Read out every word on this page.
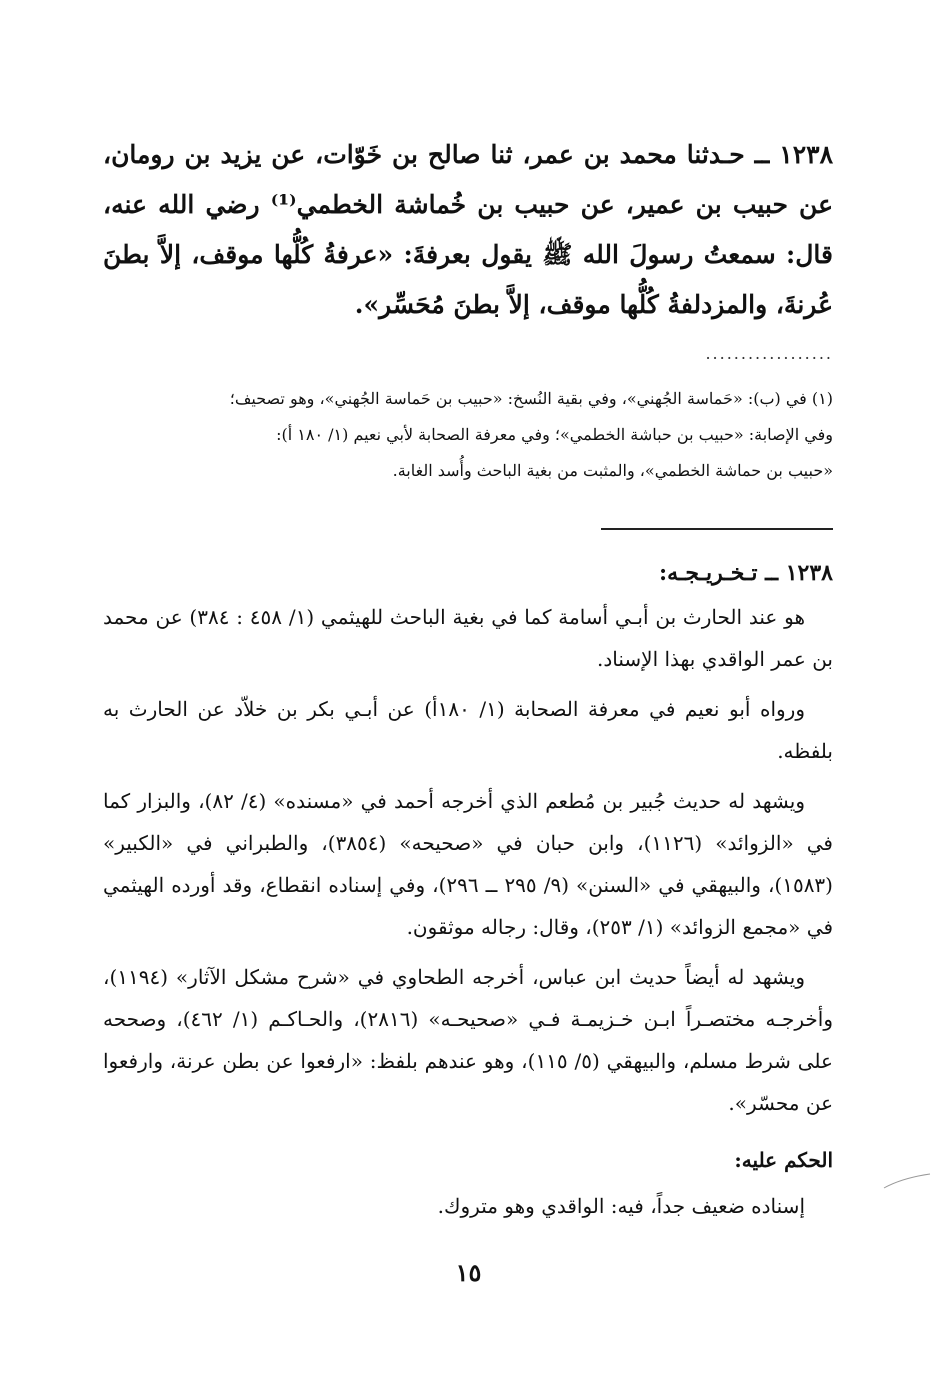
١٢٣٨ ــ حـدثنا محمد بن عمر، ثنا صالح بن خَوّات، عن يزيد بن رومان، عن حبيب بن عمير، عن حبيب بن خُماشة الخطمي⁽¹⁾ رضي الله عنه، قال: سمعتُ رسولَ الله ﷺ يقول بعرفةَ: «عرفةُ كُلُّها موقف، إلاَّ بطنَ عُرنةَ، والمزدلفةُ كُلُّها موقف، إلاَّ بطنَ مُحَسِّر».

..................

(١) في (ب): «حَماسة الجُهني»، وفي بقية النُسخ: «حبيب بن حَماسة الجُهني»، وهو تصحيف؛

وفي الإصابة: «حبيب بن حباشة الخطمي»؛ وفي معرفة الصحابة لأبي نعيم (١/ ١٨٠ أ):

«حبيب بن حماشة الخطمي»، والمثبت من بغية الباحث وأُسد الغابة.

١٢٣٨ ــ تـخـريـجـه:

هو عند الحارث بن أبـي أسامة كما في بغية الباحث للهيثمي (١/ ٤٥٨ : ٣٨٤) عن محمد بن عمر الواقدي بهذا الإسناد.

ورواه أبو نعيم في معرفة الصحابة (١/ ١٨٠أ) عن أبـي بكر بن خلاّد عن الحارث به بلفظه.

ويشهد له حديث جُبير بن مُطعم الذي أخرجه أحمد في «مسنده» (٤/ ٨٢)، والبزار كما في «الزوائد» (١١٢٦)، وابن حبان في «صحيحه» (٣٨٥٤)، والطبراني في «الكبير» (١٥٨٣)، والبيهقي في «السنن» (٩/ ٢٩٥ ــ ٢٩٦)، وفي إسناده انقطاع، وقد أورده الهيثمي في «مجمع الزوائد» (١/ ٢٥٣)، وقال: رجاله موثقون.

ويشهد له أيضاً حديث ابن عباس، أخرجه الطحاوي في «شرح مشكل الآثار» (١١٩٤)، وأخرجـه مختصـراً ابـن خـزيمـة فـي «صحيحـه» (٢٨١٦)، والحـاكـم (١/ ٤٦٢)، وصححه على شرط مسلم، والبيهقي (٥/ ١١٥)، وهو عندهم بلفظ: «ارفعوا عن بطن عرنة، وارفعوا عن محسّر».

الحكم عليه:

إسناده ضعيف جداً، فيه: الواقدي وهو متروك.

١٥
